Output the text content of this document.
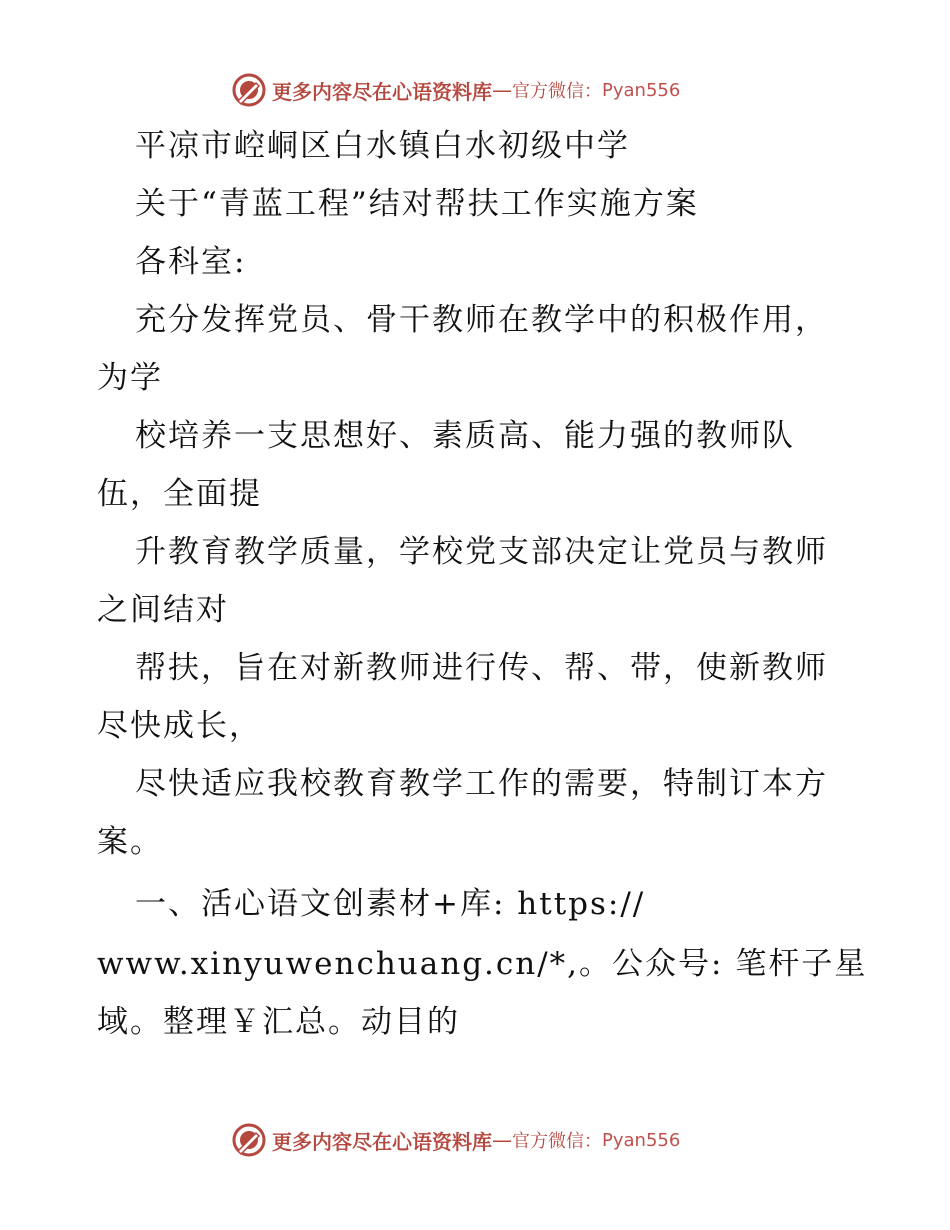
更多内容尽在心语资料库 — 官方微信： Pyan556
平凉市崆峒区白水镇白水初级中学
关于“青蓝工程”结对帮扶工作实施方案
各科室:
充分发挥党员、骨干教师在教学中的积极作用，
为学
校培养一支思想好、素质高、能力强的教师队
伍，全面提
升教育教学质量，学校党支部决定让党员与教师
之间结对
帮扶，旨在对新教师进行传、帮、带，使新教师
尽快成长，
尽快适应我校教育教学工作的需要，特制订本方
案。
一、活心语文创素材+库: https://
www.xinyuwenchuang.cn/*,。公众号: 笔杆子星
域。整理￥汇总。动目的
更多内容尽在心语资料库 — 官方微信： Pyan556
